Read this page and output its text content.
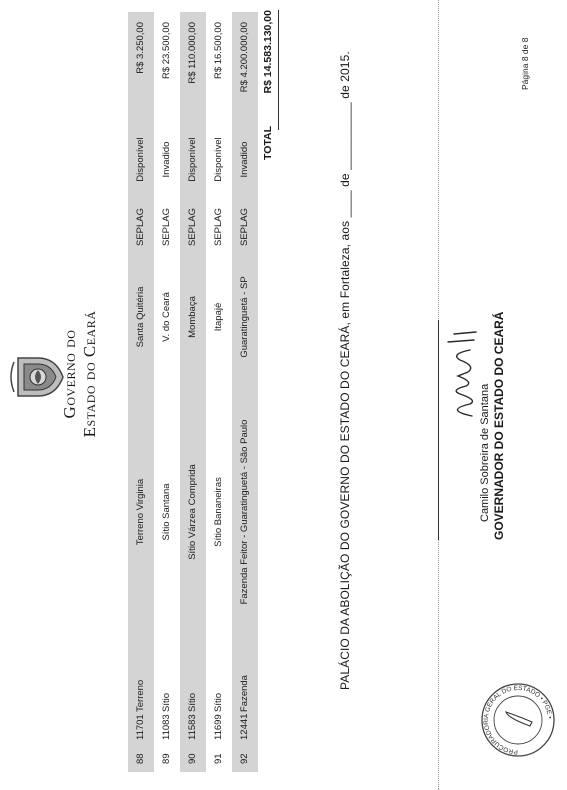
Governo do Estado do Ceará
88
11701
Terreno
Terreno Virginia
Santa Quitéria
SEPLAG
Disponível
R$ 3.250,00
89
11083
Sítio
Sítio Santana
V. do Ceará
SEPLAG
Invadido
R$ 23.500,00
90
11583
Sítio
Sítio Várzea Comprida
Mombaça
SEPLAG
Disponível
R$ 110.000,00
91
11699
Sítio
Sítio Bananeiras
Itapajé
SEPLAG
Disponível
R$ 16.500,00
92
12441
Fazenda
Fazenda Feitor - Guaratinguetá - São Paulo
Guaratinguetá - SP
SEPLAG
Invadido
R$ 4.200.000,00
TOTAL
R$ 14.583.130,00	PALÁCIO DA ABOLIÇÃO DO GOVERNO DO ESTADO DO CEARÁ, em Fortaleza, aos ____ de __________ de 2015.	Camilo Sobreira de Santana GOVERNADOR DO ESTADO DO CEARÁ
PROCURADORIA GERAL DO ESTADO • PGE •
Página 8 de 8
